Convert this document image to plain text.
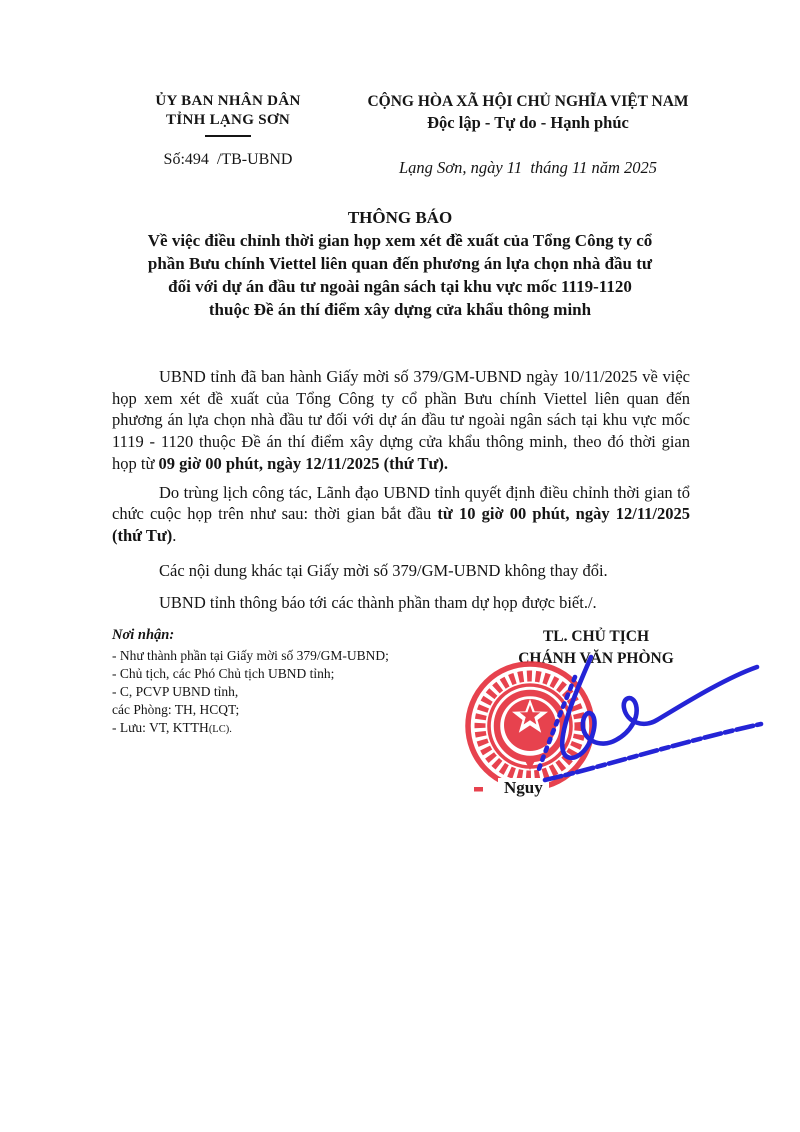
ỦY BAN NHÂN DÂN
TỈNH LẠNG SƠN
Số:494  /TB-UBND
CỘNG HÒA XÃ HỘI CHỦ NGHĨA VIỆT NAM
Độc lập - Tự do - Hạnh phúc
Lạng Sơn, ngày 11  tháng 11 năm 2025
THÔNG BÁO
Về việc điều chỉnh thời gian họp xem xét đề xuất của Tổng Công ty cổ
phần Bưu chính Viettel liên quan đến phương án lựa chọn nhà đầu tư
đối với dự án đầu tư ngoài ngân sách tại khu vực mốc 1119-1120
thuộc Đề án thí điểm xây dựng cửa khẩu thông minh

UBND tỉnh đã ban hành Giấy mời số 379/GM-UBND ngày 10/11/2025 về việc họp xem xét đề xuất của Tổng Công ty cổ phần Bưu chính Viettel liên quan đến phương án lựa chọn nhà đầu tư đối với dự án đầu tư ngoài ngân sách tại khu vực mốc 1119 - 1120 thuộc Đề án thí điểm xây dựng cửa khẩu thông minh, theo đó thời gian họp từ 09 giờ 00 phút, ngày 12/11/2025 (thứ Tư).

Do trùng lịch công tác, Lãnh đạo UBND tỉnh quyết định điều chỉnh thời gian tổ chức cuộc họp trên như sau: thời gian bắt đầu từ 10 giờ 00 phút, ngày 12/11/2025 (thứ Tư).

Các nội dung khác tại Giấy mời số 379/GM-UBND không thay đổi.

UBND tỉnh thông báo tới các thành phần tham dự họp được biết./.

Nơi nhận:
- Như thành phần tại Giấy mời số 379/GM-UBND;
- Chủ tịch, các Phó Chủ tịch UBND tỉnh;
- C, PCVP UBND tỉnh,
các Phòng: TH, HCQT;
- Lưu: VT, KTTH(LC).
TL. CHỦ TỊCH
CHÁNH VĂN PHÒNG
Nguy
